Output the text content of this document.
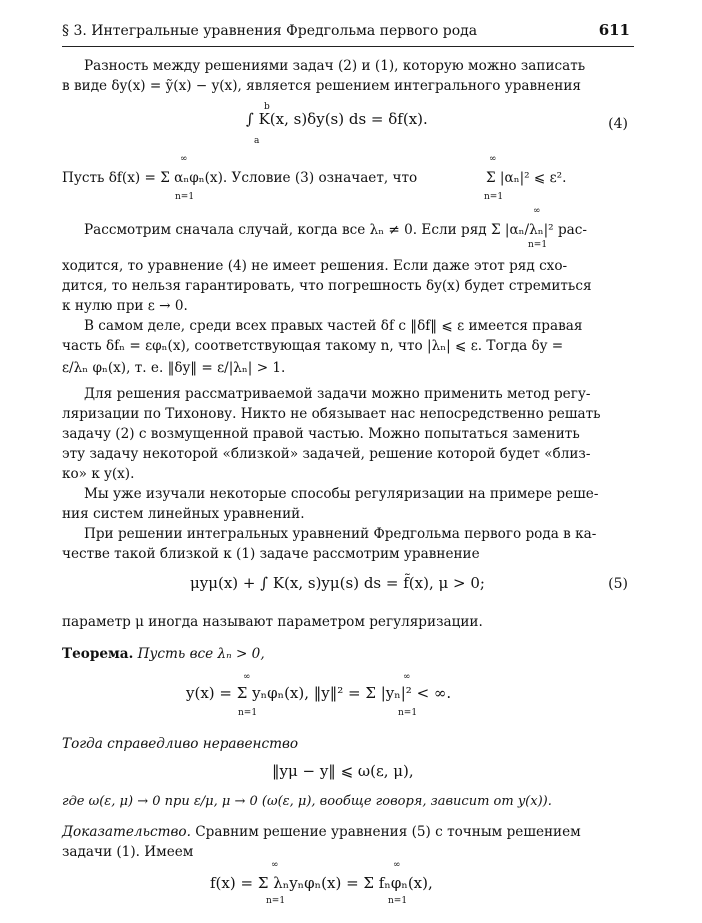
§ 3. Интегральные уравнения Фредгольма первого рода	611
Разность между решениями задач (2) и (1), которую можно записать
в виде δy(x) = ỹ(x) − y(x), является решением интегрального уравнения
b
∫ K(x, s)δy(s) ds = δf(x).
a
(4)
Пусть δf(x) = Σ αₙφₙ(x). Условие (3) означает, что	Σ |αₙ|² ⩽ ε².
∞
n=1
∞
n=1
Рассмотрим сначала случай, когда все λₙ ≠ 0. Если ряд Σ |αₙ/λₙ|² рас-
∞
n=1
ходится, то уравнение (4) не имеет решения. Если даже этот ряд схо-
дится, то нельзя гарантировать, что погрешность δy(x) будет стремиться
к нулю при ε → 0.
В самом деле, среди всех правых частей δf с ‖δf‖ ⩽ ε имеется правая
часть δfₙ = εφₙ(x), соответствующая такому n, что |λₙ| ⩽ ε. Тогда δy =
ε/λₙ φₙ(x), т. е. ‖δy‖ = ε/|λₙ| > 1.
Для решения рассматриваемой задачи можно применить метод регу-
ляризации по Тихонову. Никто не обязывает нас непосредственно решать
задачу (2) с возмущенной правой частью. Можно попытаться заменить
эту задачу некоторой «близкой» задачей, решение которой будет «близ-
ко» к y(x).
Мы уже изучали некоторые способы регуляризации на примере реше-
ния систем линейных уравнений.
При решении интегральных уравнений Фредгольма первого рода в ка-
честве такой близкой к (1) задаче рассмотрим уравнение
μyμ(x) + ∫ K(x, s)yμ(s) ds = f̃(x), μ > 0;	(5)
параметр μ иногда называют параметром регуляризации.
Теорема. Пусть все λₙ > 0,
y(x) = Σ yₙφₙ(x), ‖y‖² = Σ |yₙ|² < ∞.
∞
n=1
∞
n=1
Тогда справедливо неравенство
‖yμ − y‖ ⩽ ω(ε, μ),
где ω(ε, μ) → 0 при ε/μ, μ → 0 (ω(ε, μ), вообще говоря, зависит от y(x)).
Доказательство. Сравним решение уравнения (5) с точным решением
задачи (1). Имеем
f(x) = Σ λₙyₙφₙ(x) = Σ fₙφₙ(x),
∞
n=1
∞
n=1
